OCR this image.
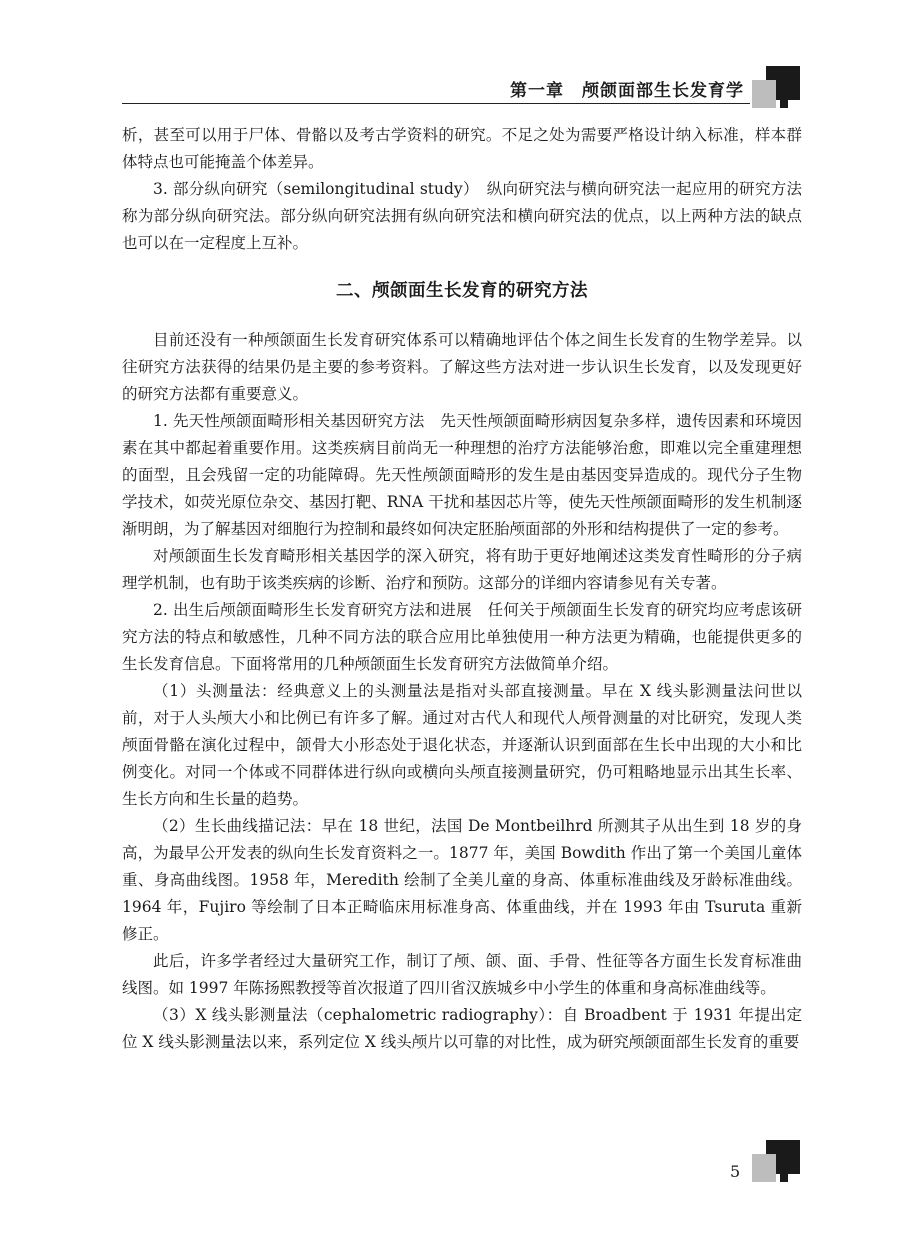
第一章　颅颌面部生长发育学

析，甚至可以用于尸体、骨骼以及考古学资料的研究。不足之处为需要严格设计纳入标准，样本群体特点也可能掩盖个体差异。

3. 部分纵向研究（semilongitudinal study）　纵向研究法与横向研究法一起应用的研究方法称为部分纵向研究法。部分纵向研究法拥有纵向研究法和横向研究法的优点，以上两种方法的缺点也可以在一定程度上互补。

二、颅颌面生长发育的研究方法

目前还没有一种颅颌面生长发育研究体系可以精确地评估个体之间生长发育的生物学差异。以往研究方法获得的结果仍是主要的参考资料。了解这些方法对进一步认识生长发育，以及发现更好的研究方法都有重要意义。

1. 先天性颅颌面畸形相关基因研究方法　先天性颅颌面畸形病因复杂多样，遗传因素和环境因素在其中都起着重要作用。这类疾病目前尚无一种理想的治疗方法能够治愈，即难以完全重建理想的面型，且会残留一定的功能障碍。先天性颅颌面畸形的发生是由基因变异造成的。现代分子生物学技术，如荧光原位杂交、基因打靶、RNA 干扰和基因芯片等，使先天性颅颌面畸形的发生机制逐渐明朗，为了解基因对细胞行为控制和最终如何决定胚胎颅面部的外形和结构提供了一定的参考。

对颅颌面生长发育畸形相关基因学的深入研究，将有助于更好地阐述这类发育性畸形的分子病理学机制，也有助于该类疾病的诊断、治疗和预防。这部分的详细内容请参见有关专著。

2. 出生后颅颌面畸形生长发育研究方法和进展　任何关于颅颌面生长发育的研究均应考虑该研究方法的特点和敏感性，几种不同方法的联合应用比单独使用一种方法更为精确，也能提供更多的生长发育信息。下面将常用的几种颅颌面生长发育研究方法做简单介绍。

（1）头测量法：经典意义上的头测量法是指对头部直接测量。早在 X 线头影测量法问世以前，对于人头颅大小和比例已有许多了解。通过对古代人和现代人颅骨测量的对比研究，发现人类颅面骨骼在演化过程中，颌骨大小形态处于退化状态，并逐渐认识到面部在生长中出现的大小和比例变化。对同一个体或不同群体进行纵向或横向头颅直接测量研究，仍可粗略地显示出其生长率、生长方向和生长量的趋势。

（2）生长曲线描记法：早在 18 世纪，法国 De Montbeilhrd 所测其子从出生到 18 岁的身高，为最早公开发表的纵向生长发育资料之一。1877 年，美国 Bowdith 作出了第一个美国儿童体重、身高曲线图。1958 年，Meredith 绘制了全美儿童的身高、体重标准曲线及牙龄标准曲线。1964 年，Fujiro 等绘制了日本正畸临床用标准身高、体重曲线，并在 1993 年由 Tsuruta 重新修正。

此后，许多学者经过大量研究工作，制订了颅、颌、面、手骨、性征等各方面生长发育标准曲线图。如 1997 年陈扬熙教授等首次报道了四川省汉族城乡中小学生的体重和身高标准曲线等。

（3）X 线头影测量法（cephalometric radiography）：自 Broadbent 于 1931 年提出定位 X 线头影测量法以来，系列定位 X 线头颅片以可靠的对比性，成为研究颅颌面部生长发育的重要

5
